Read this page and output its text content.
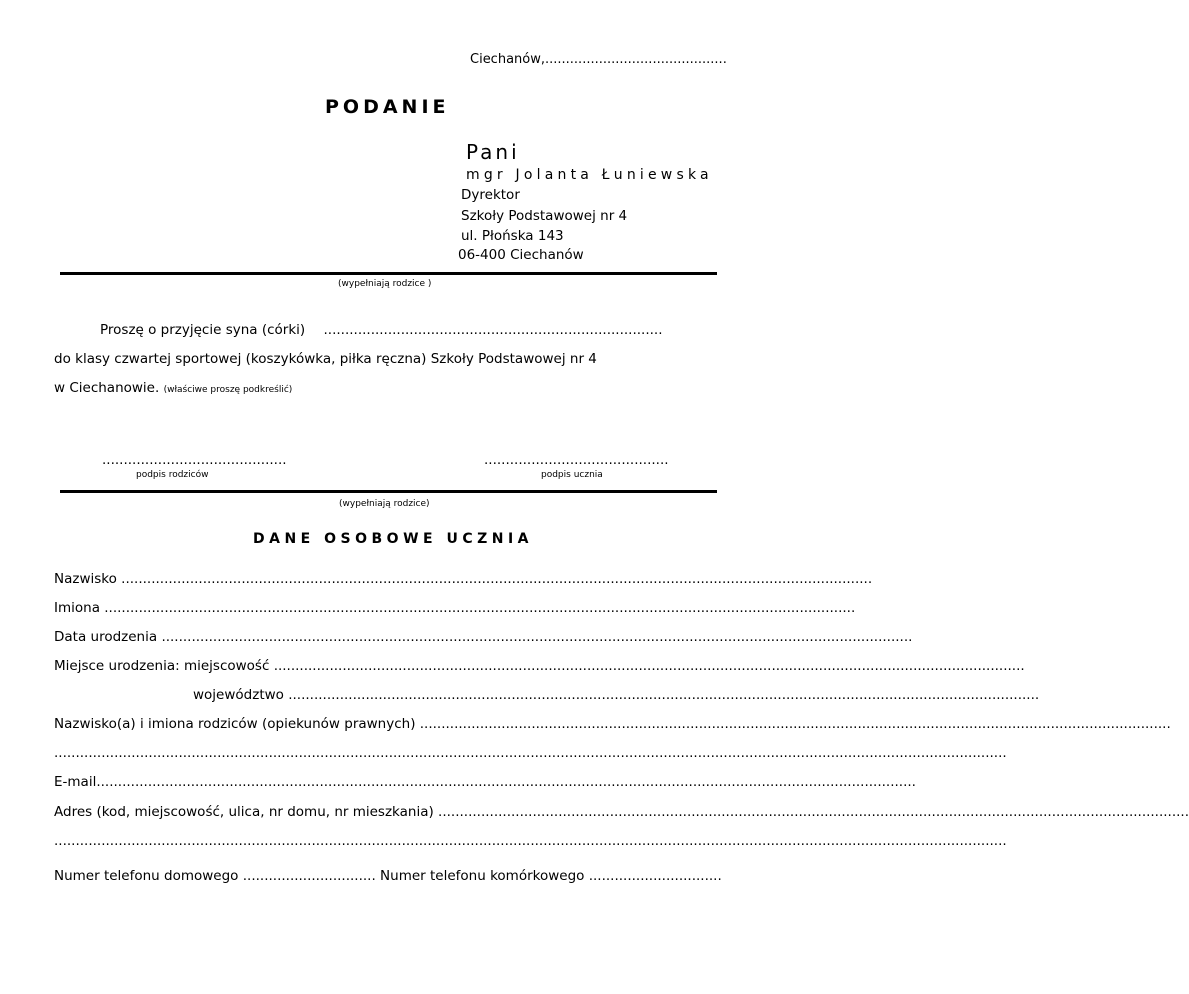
Ciechanów,............................................
PODANIE
Pani
mgr Jolanta Łuniewska
Dyrektor
Szkoły Podstawowej nr 4
ul. Płońska 143
06-400 Ciechanów
(wypełniają rodzice )
Proszę o przyjęcie syna (córki) ...............................................................................
do klasy czwartej sportowej (koszykówka, piłka ręczna) Szkoły Podstawowej nr 4
w Ciechanowie. (właściwe proszę podkreślić)
...........................................
podpis rodziców
...........................................
podpis ucznia
(wypełniają rodzice)
DANE OSOBOWE UCZNIA
Nazwisko ...............................................................................................................................................................................
Imiona ...............................................................................................................................................................................
Data urodzenia ...............................................................................................................................................................................
Miejsce urodzenia: miejscowość ...............................................................................................................................................................................
województwo ...............................................................................................................................................................................
Nazwisko(a) i imiona rodziców (opiekunów prawnych) ...............................................................................................................................................................................
..............................................................................................................................................................................................................................
E-mail...............................................................................................................................................................................................
Adres (kod, miejscowość, ulica, nr domu, nr mieszkania) ...............................................................................................................................................................................
..............................................................................................................................................................................................................................
Numer telefonu domowego ............................... Numer telefonu komórkowego ...............................
